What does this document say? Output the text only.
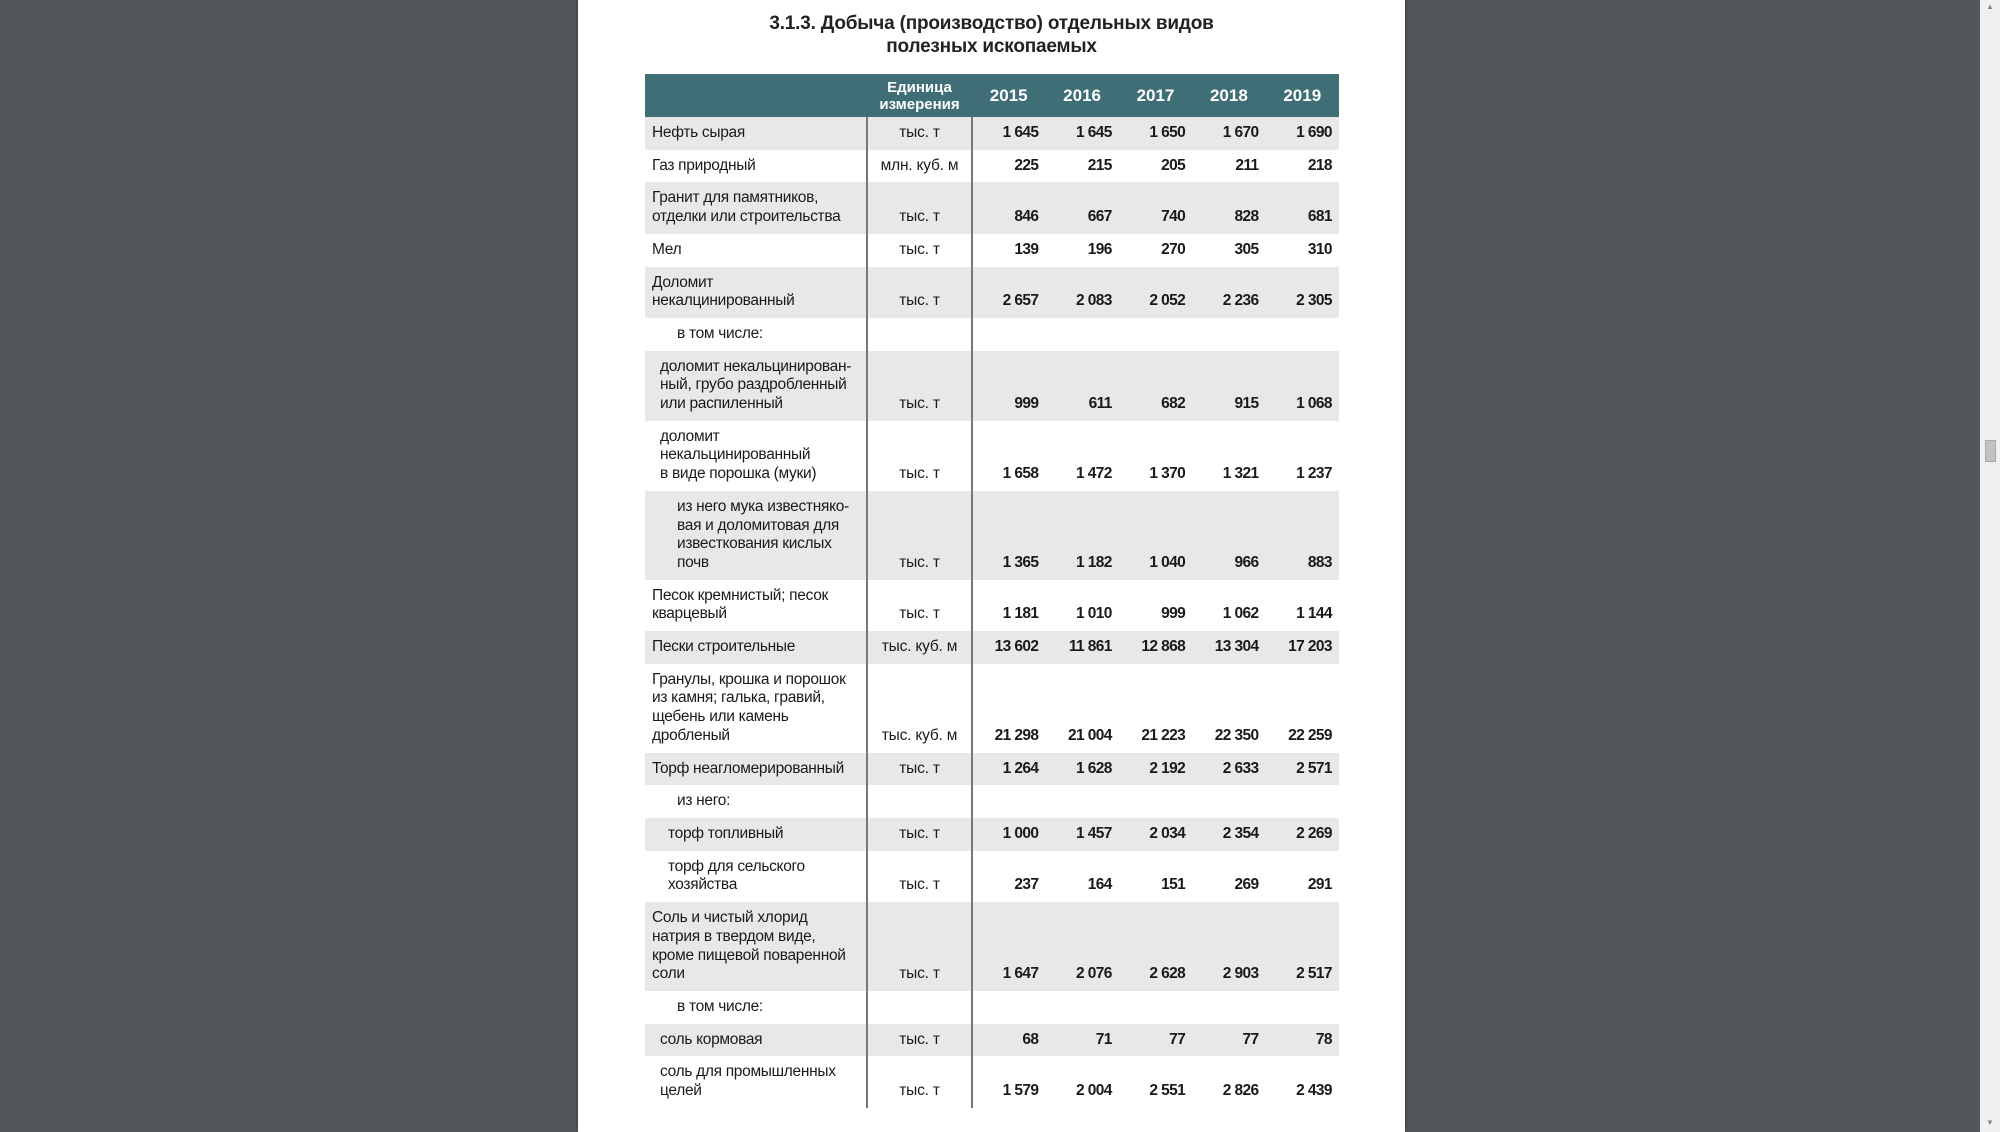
3.1.3. Добыча (производство) отдельных видов
полезных ископаемых

	Единица
измерения	2015	2016	2017	2018	2019

Нефть сырая	тыс. т	1 645	1 645	1 650	1 670	1 690

Газ природный	млн. куб. м	225	215	205	211	218

Гранит для памятников,
отделки или строительства	тыс. т	846	667	740	828	681

Мел	тыс. т	139	196	270	305	310

Доломит
некалцинированный	тыс. т	2 657	2 083	2 052	2 236	2 305

в том числе:						

доломит некальцинирован-
ный, грубо раздробленный
или распиленный	тыс. т	999	611	682	915	1 068

доломит
некальцинированный
в виде порошка (муки)	тыс. т	1 658	1 472	1 370	1 321	1 237

из него мука известняко-
вая и доломитовая для
известкования кислых
почв	тыс. т	1 365	1 182	1 040	966	883

Песок кремнистый; песок
кварцевый	тыс. т	1 181	1 010	999	1 062	1 144

Пески строительные	тыс. куб. м	13 602	11 861	12 868	13 304	17 203

Гранулы, крошка и порошок
из камня; галька, гравий,
щебень или камень
дробленый	тыс. куб. м	21 298	21 004	21 223	22 350	22 259

Торф неагломерированный	тыс. т	1 264	1 628	2 192	2 633	2 571

из него:						

торф топливный	тыс. т	1 000	1 457	2 034	2 354	2 269

торф для сельского
хозяйства	тыс. т	237	164	151	269	291

Соль и чистый хлорид
натрия в твердом виде,
кроме пищевой поваренной
соли	тыс. т	1 647	2 076	2 628	2 903	2 517

в том числе:						

соль кормовая	тыс. т	68	71	77	77	78

соль для промышленных
целей	тыс. т	1 579	2 004	2 551	2 826	2 439
▲
▼
